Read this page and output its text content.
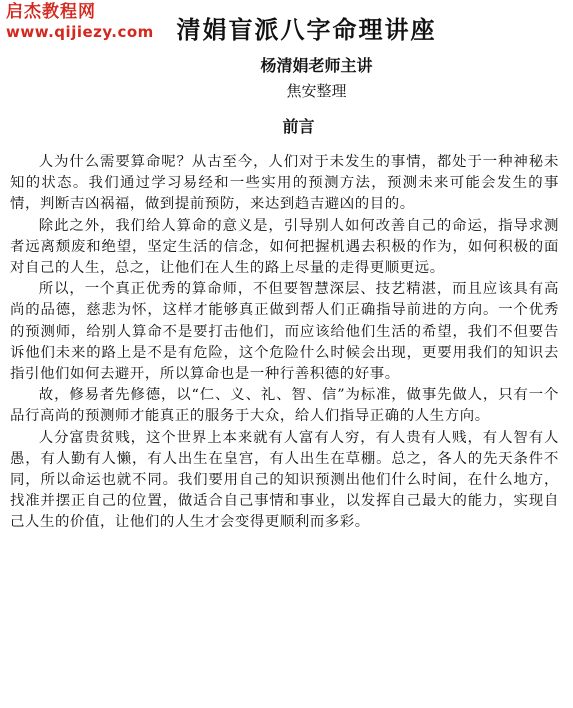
启杰教程网
www.qijiezy.com 清娟盲派八字命理讲座
杨清娟老师主讲
焦安整理
前言

人为什么需要算命呢？从古至今，人们对于未发生的事情，都处于一种神秘未知的状态。我们通过学习易经和一些实用的预测方法，预测未来可能会发生的事情，判断吉凶祸福，做到提前预防，来达到趋吉避凶的目的。

除此之外，我们给人算命的意义是，引导别人如何改善自己的命运，指导求测者远离颓废和绝望，坚定生活的信念，如何把握机遇去积极的作为，如何积极的面对自己的人生，总之，让他们在人生的路上尽量的走得更顺更远。

所以，一个真正优秀的算命师，不但要智慧深层、技艺精湛，而且应该具有高尚的品德，慈悲为怀，这样才能够真正做到帮人们正确指导前进的方向。一个优秀的预测师，给别人算命不是要打击他们，而应该给他们生活的希望，我们不但要告诉他们未来的路上是不是有危险，这个危险什么时候会出现，更要用我们的知识去指引他们如何去避开，所以算命也是一种行善积德的好事。

故，修易者先修德，以“仁、义、礼、智、信”为标准，做事先做人，只有一个品行高尚的预测师才能真正的服务于大众，给人们指导正确的人生方向。

人分富贵贫贱，这个世界上本来就有人富有人穷，有人贵有人贱，有人智有人愚，有人勤有人懒，有人出生在皇宫，有人出生在草棚。总之，各人的先天条件不同，所以命运也就不同。我们要用自己的知识预测出他们什么时间，在什么地方，找准并摆正自己的位置，做适合自己事情和事业，以发挥自己最大的能力，实现自己人生的价值，让他们的人生才会变得更顺利而多彩。
